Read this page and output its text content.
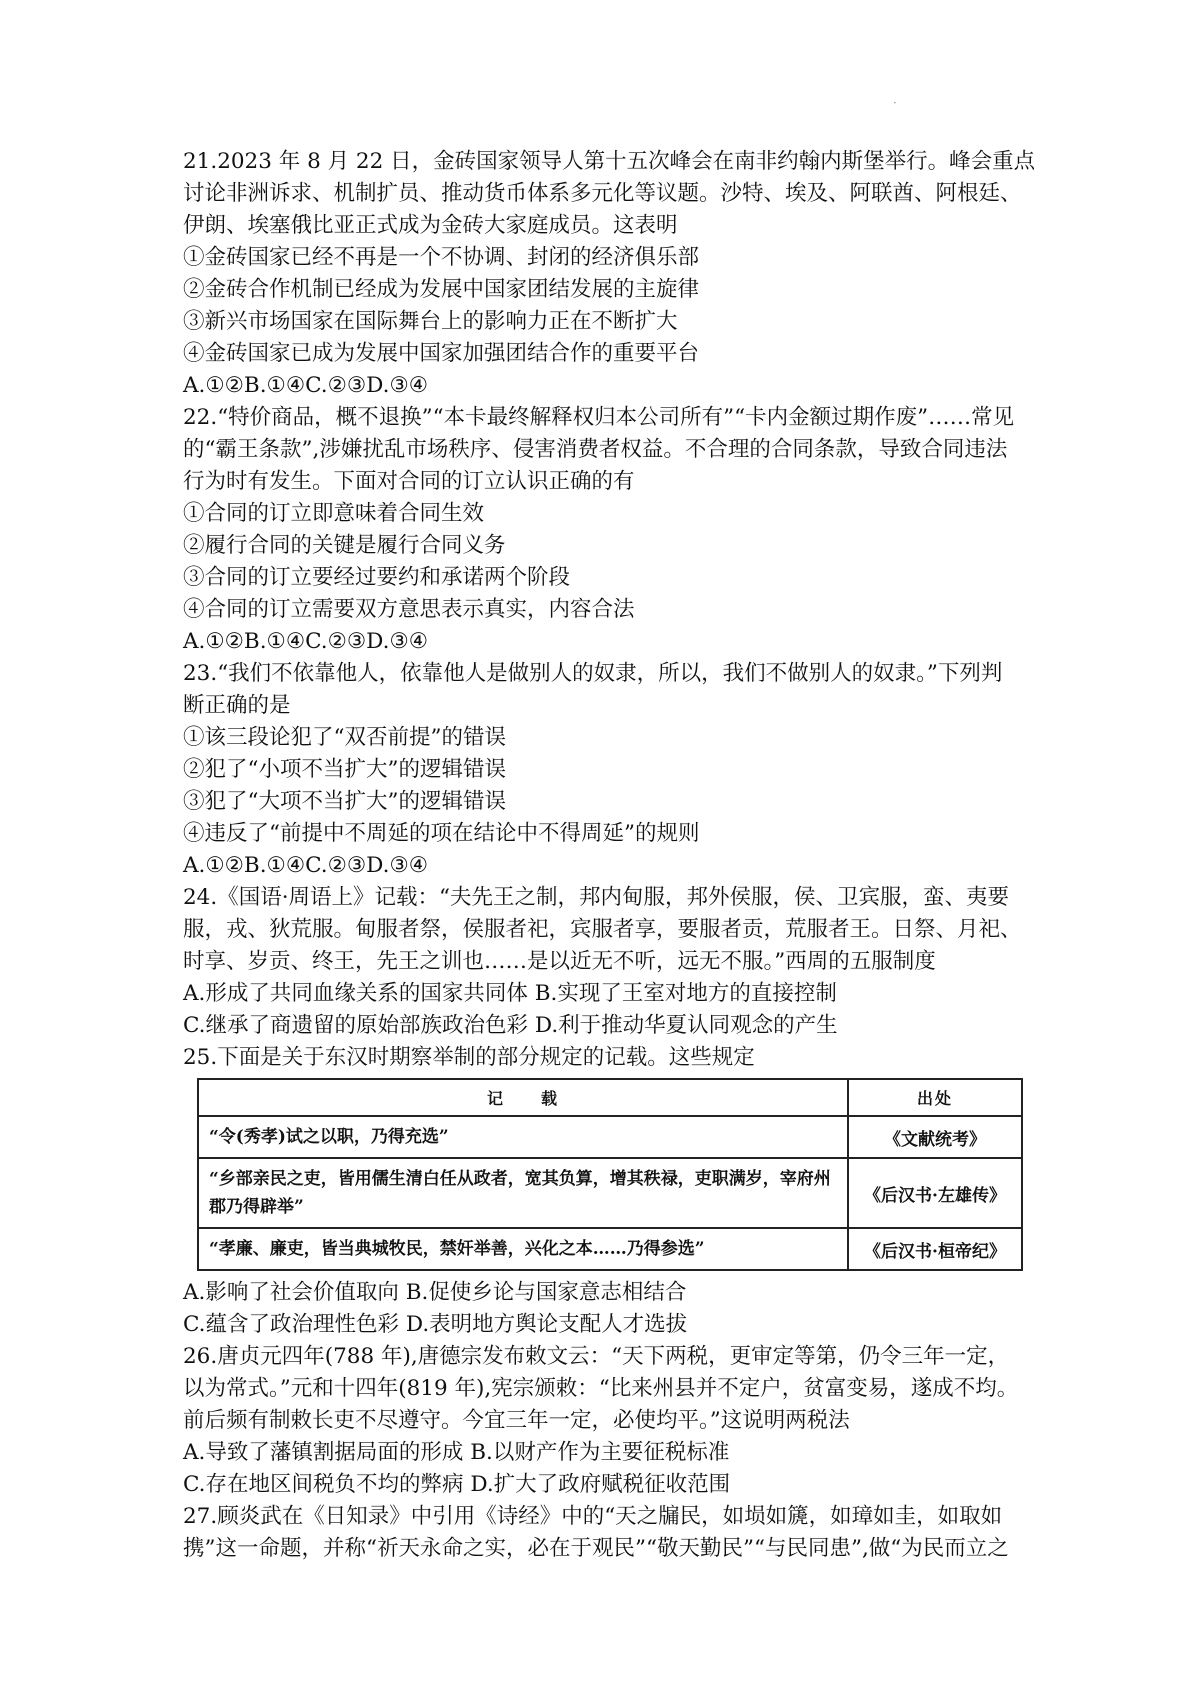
·
21.2023 年 8 月 22 日，金砖国家领导人第十五次峰会在南非约翰内斯堡举行。峰会重点
讨论非洲诉求、机制扩员、推动货币体系多元化等议题。沙特、埃及、阿联酋、阿根廷、
伊朗、埃塞俄比亚正式成为金砖大家庭成员。这表明
①金砖国家已经不再是一个不协调、封闭的经济俱乐部
②金砖合作机制已经成为发展中国家团结发展的主旋律
③新兴市场国家在国际舞台上的影响力正在不断扩大
④金砖国家已成为发展中国家加强团结合作的重要平台
A.①②B.①④C.②③D.③④
22.“特价商品，概不退换”“本卡最终解释权归本公司所有”“卡内金额过期作废”……常见
的“霸王条款”,涉嫌扰乱市场秩序、侵害消费者权益。不合理的合同条款，导致合同违法
行为时有发生。下面对合同的订立认识正确的有
①合同的订立即意味着合同生效
②履行合同的关键是履行合同义务
③合同的订立要经过要约和承诺两个阶段
④合同的订立需要双方意思表示真实，内容合法
A.①②B.①④C.②③D.③④
23.“我们不依靠他人，依靠他人是做别人的奴隶，所以，我们不做别人的奴隶。”下列判
断正确的是
①该三段论犯了“双否前提”的错误
②犯了“小项不当扩大”的逻辑错误
③犯了“大项不当扩大”的逻辑错误
④违反了“前提中不周延的项在结论中不得周延”的规则
A.①②B.①④C.②③D.③④
24.《国语·周语上》记载：“夫先王之制，邦内甸服，邦外侯服，侯、卫宾服，蛮、夷要
服，戎、狄荒服。甸服者祭，侯服者祀，宾服者享，要服者贡，荒服者王。日祭、月祀、
时享、岁贡、终王，先王之训也……是以近无不听，远无不服。”西周的五服制度
A.形成了共同血缘关系的国家共同体 B.实现了王室对地方的直接控制
C.继承了商遗留的原始部族政治色彩 D.利于推动华夏认同观念的产生
25.下面是关于东汉时期察举制的部分规定的记载。这些规定
记　　载	出处
“令(秀孝)试之以职，乃得充选”	《文献统考》
“乡部亲民之吏，皆用儒生清白任从政者，宽其负算，增其秩禄，吏职满岁，宰府州郡乃得辟举”	《后汉书·左雄传》
“孝廉、廉吏，皆当典城牧民，禁奸举善，兴化之本……乃得参选”	《后汉书·桓帝纪》
A.影响了社会价值取向 B.促使乡论与国家意志相结合
C.蕴含了政治理性色彩 D.表明地方舆论支配人才选拔
26.唐贞元四年(788 年),唐德宗发布敕文云：“天下两税，更审定等第，仍令三年一定，
以为常式。”元和十四年(819 年),宪宗颁敕：“比来州县并不定户，贫富变易，遂成不均。
前后频有制敕长吏不尽遵守。今宜三年一定，必使均平。”这说明两税法
A.导致了藩镇割据局面的形成 B.以财产作为主要征税标准
C.存在地区间税负不均的弊病 D.扩大了政府赋税征收范围
27.顾炎武在《日知录》中引用《诗经》中的“天之牖民，如埙如篪，如璋如圭，如取如
携”这一命题，并称“祈天永命之实，必在于观民”“敬天勤民”“与民同患”,做“为民而立之
